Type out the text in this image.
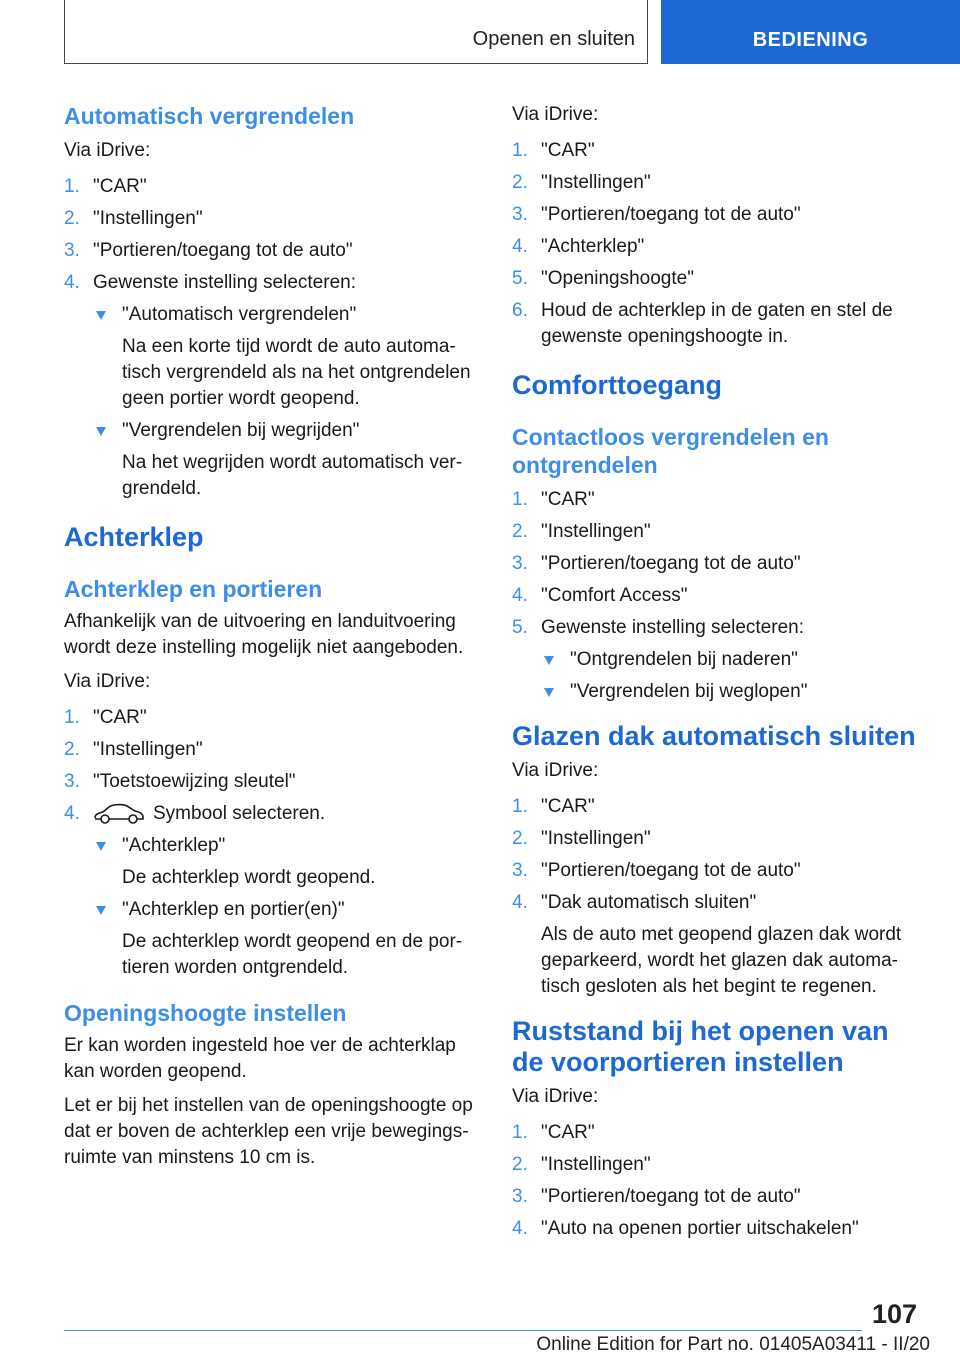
Openen en sluiten	BEDIENING
Automatisch vergrendelen

Via iDrive:

1. "CAR"
2. "Instellingen"
3. "Portieren/toegang tot de auto"
4. Gewenste instelling selecteren:
"Automatisch vergrendelen"
Na een korte tijd wordt de auto automa-tisch vergrendeld als na het ontgrendelen geen portier wordt geopend.
"Vergrendelen bij wegrijden"
Na het wegrijden wordt automatisch ver-grendeld.
Achterklep
Achterklep en portieren

Afhankelijk van de uitvoering en landuitvoering wordt deze instelling mogelijk niet aangeboden.

Via iDrive:

1. "CAR"
2. "Instellingen"
3. "Toetstoewijzing sleutel"
4.	Symbool selecteren.
"Achterklep"
De achterklep wordt geopend.
"Achterklep en portier(en)"
De achterklep wordt geopend en de por-tieren worden ontgrendeld.
Openingshoogte instellen

Er kan worden ingesteld hoe ver de achterklap kan worden geopend.

Let er bij het instellen van de openingshoogte op dat er boven de achterklep een vrije bewegings-ruimte van minstens 10 cm is.

Via iDrive:

1. "CAR"
2. "Instellingen"
3. "Portieren/toegang tot de auto"
4. "Achterklep"
5. "Openingshoogte"
6. Houd de achterklep in de gaten en stel de gewenste openingshoogte in.
Comforttoegang
Contactloos vergrendelen en ontgrendelen
1. "CAR"
2. "Instellingen"
3. "Portieren/toegang tot de auto"
4. "Comfort Access"
5. Gewenste instelling selecteren:
"Ontgrendelen bij naderen"
"Vergrendelen bij weglopen"
Glazen dak automatisch sluiten

Via iDrive:

1. "CAR"
2. "Instellingen"
3. "Portieren/toegang tot de auto"
4. "Dak automatisch sluiten"
Als de auto met geopend glazen dak wordt geparkeerd, wordt het glazen dak automa-tisch gesloten als het begint te regenen.
Ruststand bij het openen van de voorportieren instellen

Via iDrive:

1. "CAR"
2. "Instellingen"
3. "Portieren/toegang tot de auto"
4. "Auto na openen portier uitschakelen"
107
Online Edition for Part no. 01405A03411 - II/20
